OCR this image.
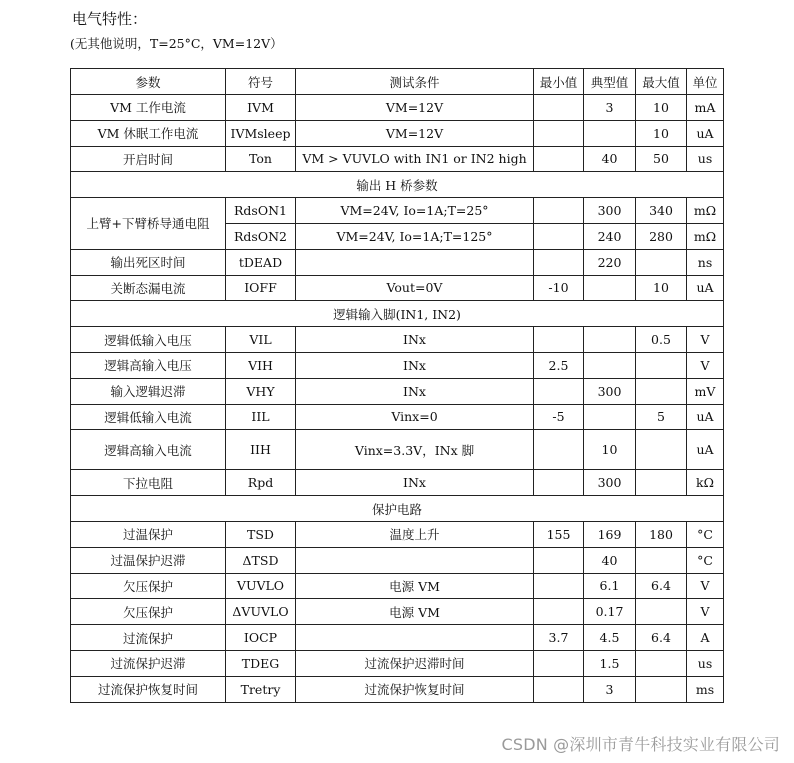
电气特性：
(无其他说明，T=25°C，VM=12V）
参数	符号	测试条件	最小值	典型值	最大值	单位
VM 工作电流	IVM	VM=12V		3	10	mA
VM 休眠工作电流	IVMsleep	VM=12V			10	uA
开启时间	Ton	VM > VUVLO with IN1 or IN2 high		40	50	us
输出 H 桥参数						
上臂+下臂桥导通电阻	RdsON1	VM=24V, Io=1A;T=25°		300	340	mΩ
	RdsON2	VM=24V, Io=1A;T=125°		240	280	mΩ
输出死区时间	tDEAD			220		ns
关断态漏电流	IOFF	Vout=0V	-10		10	uA
逻辑输入脚(IN1, IN2)						
逻辑低输入电压	VIL	INx			0.5	V
逻辑高输入电压	VIH	INx	2.5			V
输入逻辑迟滞	VHY	INx		300		mV
逻辑低输入电流	IIL	Vinx=0	-5		5	uA
逻辑高输入电流	IIH	Vinx=3.3V，INx 脚		10		uA
下拉电阻	Rpd	INx		300		kΩ
保护电路						
过温保护	TSD	温度上升	155	169	180	°C
过温保护迟滞	ΔTSD			40		°C
欠压保护	VUVLO	电源 VM		6.1	6.4	V
欠压保护	ΔVUVLO	电源 VM		0.17		V
过流保护	IOCP		3.7	4.5	6.4	A
过流保护迟滞	TDEG	过流保护迟滞时间		1.5		us
过流保护恢复时间	Tretry	过流保护恢复时间		3		ms
CSDN @深圳市青牛科技实业有限公司
